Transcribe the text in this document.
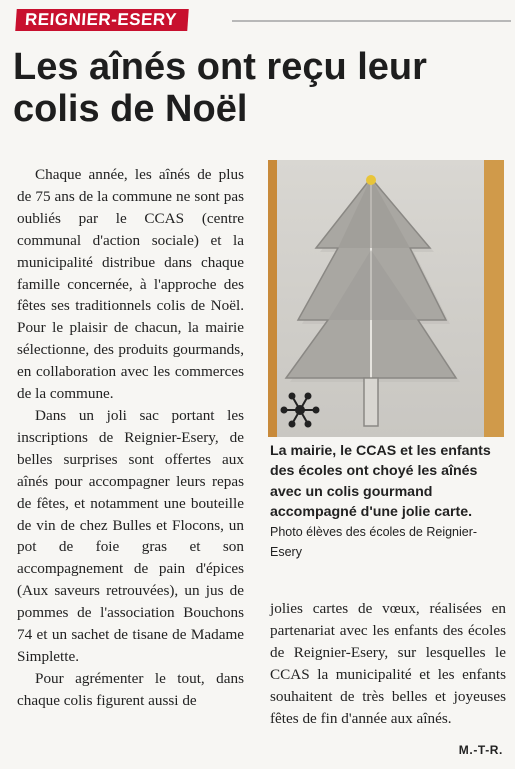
REIGNIER-ESERY
Les aînés ont reçu leur colis de Noël

Chaque année, les aînés de plus de 75 ans de la commune ne sont pas oubliés par le CCAS (centre communal d'action sociale) et la municipalité distribue dans chaque famille concernée, à l'approche des fêtes ses traditionnels colis de Noël. Pour le plaisir de chacun, la mairie sélectionne, des produits gourmands, en collaboration avec les commerces de la commune.

Dans un joli sac portant les inscriptions de Reignier-Esery, de belles surprises sont offertes aux aînés pour accompagner leurs repas de fêtes, et notamment une bouteille de vin de chez Bulles et Flocons, un pot de foie gras et son accompagnement de pain d'épices (Aux saveurs retrouvées), un jus de pommes de l'association Bouchons 74 et un sachet de tisane de Madame Simplette.

Pour agrémenter le tout, dans chaque colis figurent aussi de

La mairie, le CCAS et les enfants des écoles ont choyé les aînés avec un colis gourmand accompagné d'une jolie carte. Photo élèves des écoles de Reignier-Esery

jolies cartes de vœux, réalisées en partenariat avec les enfants des écoles de Reignier-Esery, sur lesquelles le CCAS la municipalité et les enfants souhaitent de très belles et joyeuses fêtes de fin d'année aux aînés.

M.-T-R.
